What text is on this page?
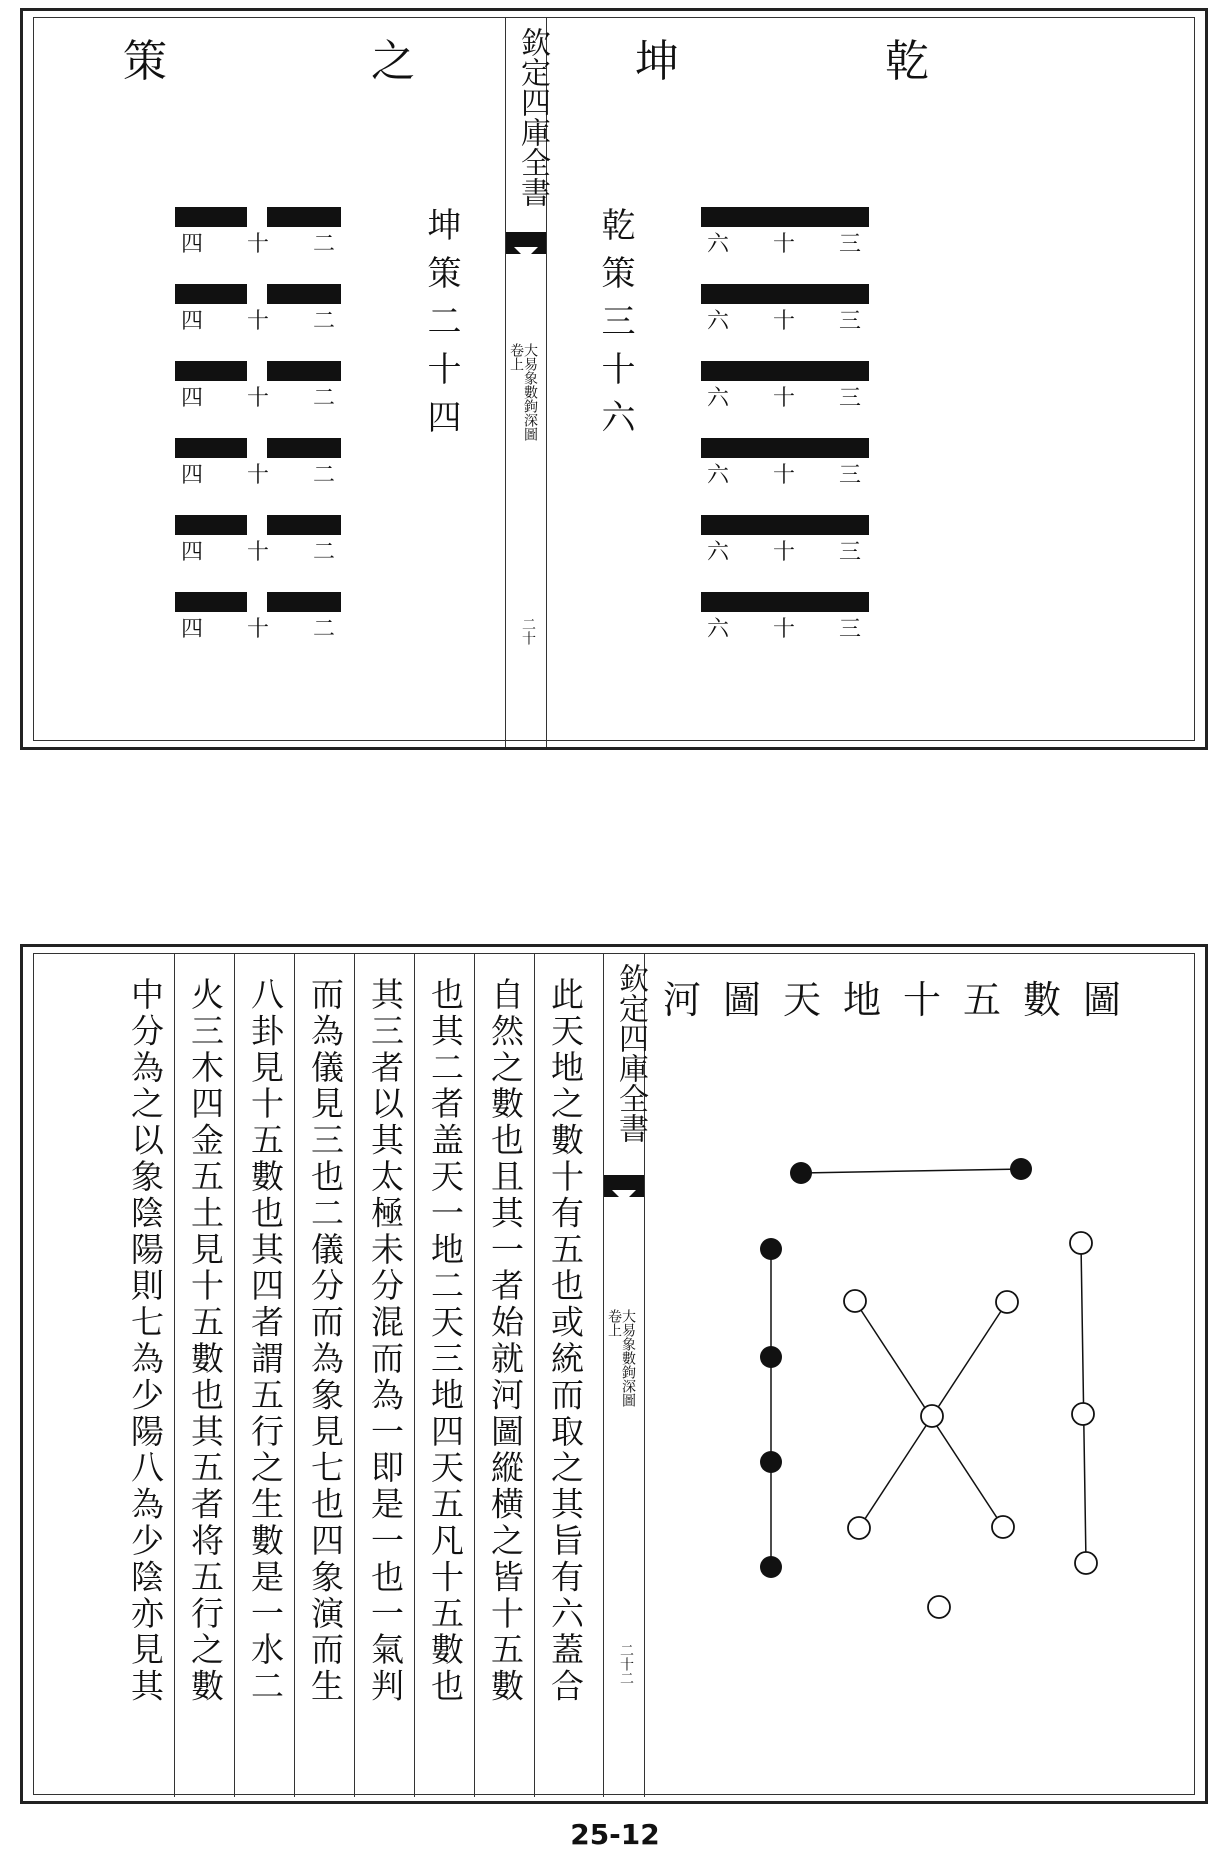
乾
坤
之
策	欽定四庫全書
大易象數鉤深圖
卷上
二十
乾策三十六
坤策二十四	六 十 三
六 十 三
六 十 三
六 十 三
六 十 三
六 十 三
四 十 二
四 十 二
四 十 二
四 十 二
四 十 二
四 十 二
此天地之數十有五也或統而取之其旨有六蓋合
自然之數也且其一者始就河圖縱横之皆十五數
也其二者盖天一地二天三地四天五凡十五數也
其三者以其太極未分混而為一即是一也一氣判
而為儀見三也二儀分而為象見七也四象演而生
八卦見十五數也其四者謂五行之生數是一水二
火三木四金五土見十五數也其五者将五行之數
中分為之以象陰陽則七為少陽八為少陰亦見其	欽定四庫全書
大易象數鉤深圖
卷上
二十二
河圖天地十五數圖
25-12
